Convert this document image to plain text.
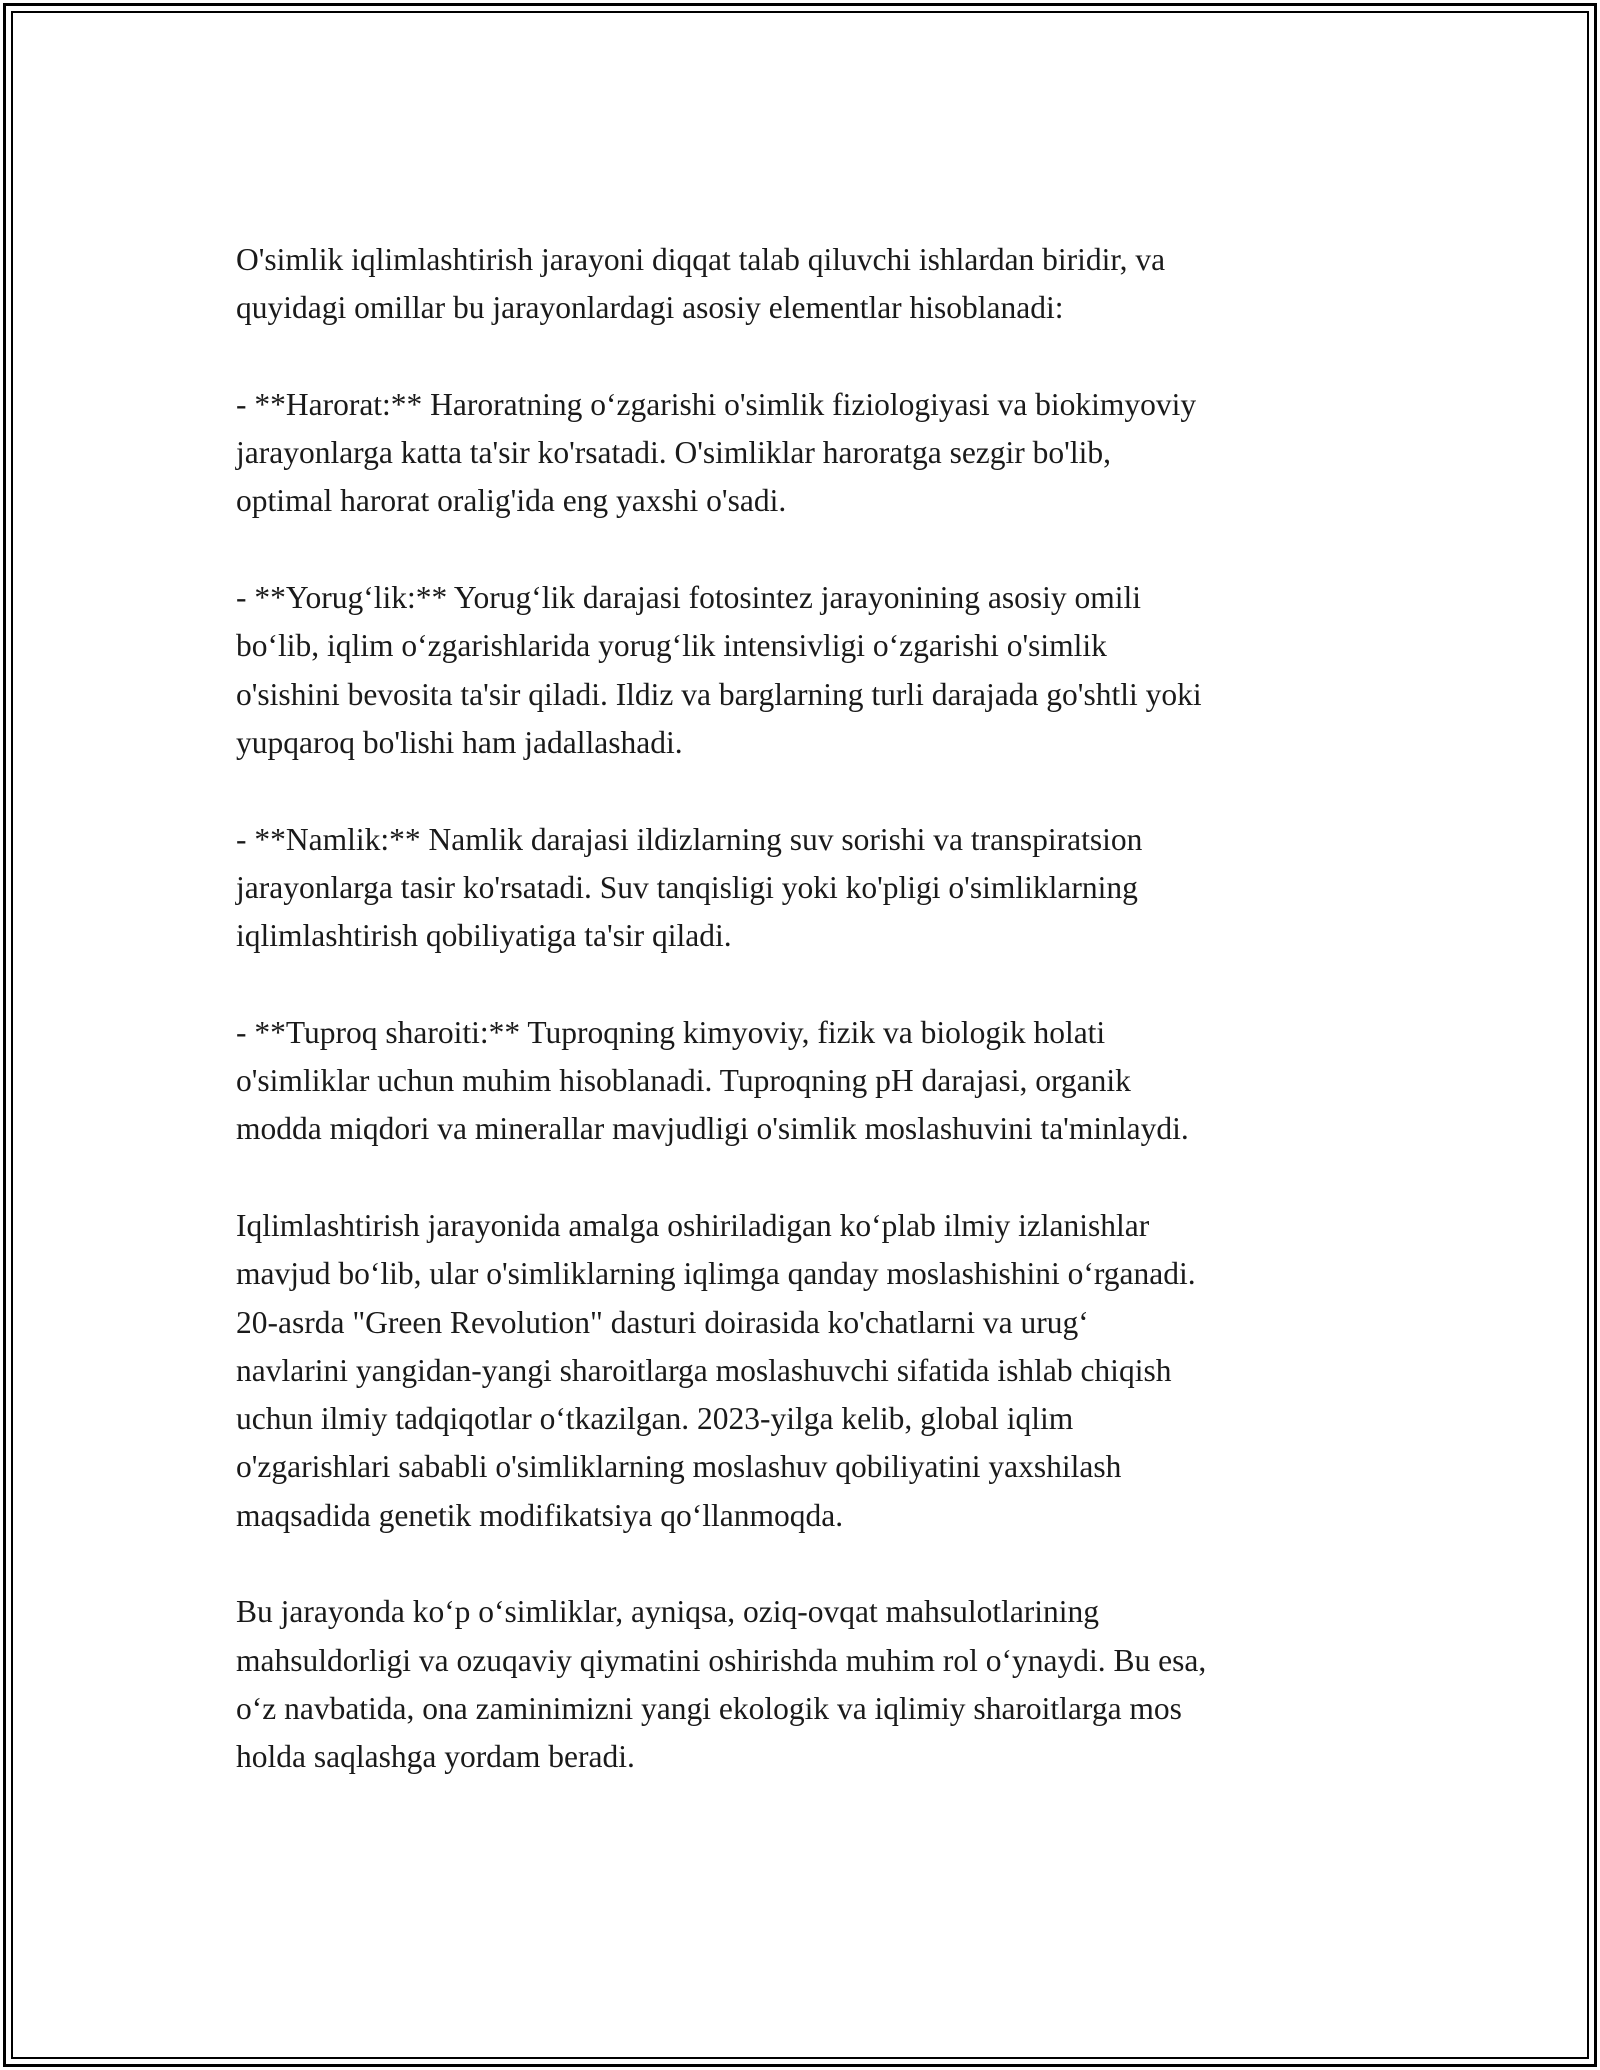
O'simlik iqlimlashtirish jarayoni diqqat talab qiluvchi ishlardan biridir, va
quyidagi omillar bu jarayonlardagi asosiy elementlar hisoblanadi:

- **Harorat:** Haroratning oʻzgarishi o'simlik fiziologiyasi va biokimyoviy
jarayonlarga katta ta'sir ko'rsatadi. O'simliklar haroratga sezgir bo'lib,
optimal harorat oralig'ida eng yaxshi o'sadi.

- **Yorugʻlik:** Yorugʻlik darajasi fotosintez jarayonining asosiy omili
boʻlib, iqlim oʻzgarishlarida yorugʻlik intensivligi oʻzgarishi o'simlik
o'sishini bevosita ta'sir qiladi. Ildiz va barglarning turli darajada go'shtli yoki
yupqaroq bo'lishi ham jadallashadi.

- **Namlik:** Namlik darajasi ildizlarning suv sorishi va transpiratsion
jarayonlarga tasir ko'rsatadi. Suv tanqisligi yoki ko'pligi o'simliklarning
iqlimlashtirish qobiliyatiga ta'sir qiladi.

- **Tuproq sharoiti:** Tuproqning kimyoviy, fizik va biologik holati
o'simliklar uchun muhim hisoblanadi. Tuproqning pH darajasi, organik
modda miqdori va minerallar mavjudligi o'simlik moslashuvini ta'minlaydi.

Iqlimlashtirish jarayonida amalga oshiriladigan koʻplab ilmiy izlanishlar
mavjud boʻlib, ular o'simliklarning iqlimga qanday moslashishini oʻrganadi.
20-asrda "Green Revolution" dasturi doirasida ko'chatlarni va urugʻ
navlarini yangidan-yangi sharoitlarga moslashuvchi sifatida ishlab chiqish
uchun ilmiy tadqiqotlar oʻtkazilgan. 2023-yilga kelib, global iqlim
o'zgarishlari sababli o'simliklarning moslashuv qobiliyatini yaxshilash
maqsadida genetik modifikatsiya qoʻllanmoqda.

Bu jarayonda koʻp oʻsimliklar, ayniqsa, oziq-ovqat mahsulotlarining
mahsuldorligi va ozuqaviy qiymatini oshirishda muhim rol oʻynaydi. Bu esa,
oʻz navbatida, ona zaminimizni yangi ekologik va iqlimiy sharoitlarga mos
holda saqlashga yordam beradi.
